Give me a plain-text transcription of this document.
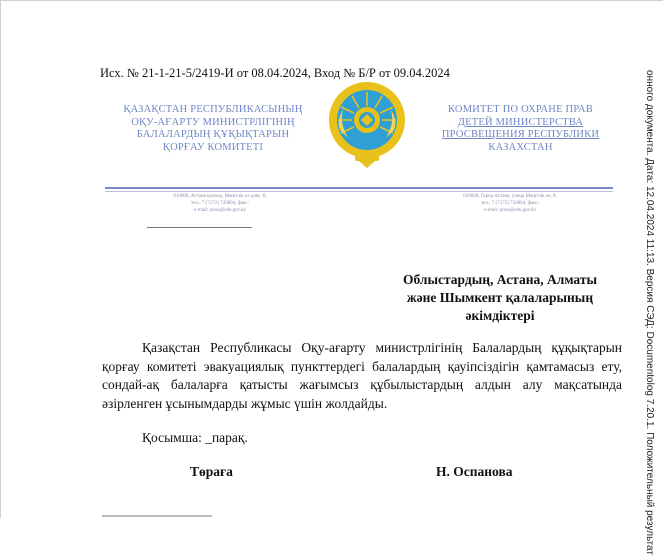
Исх. № 21-1-21-5/2419-И от 08.04.2024, Вход № Б/Р от 09.04.2024
ҚАЗАҚСТАН РЕСПУБЛИКАСЫНЫҢ
ОҚУ-АҒАРТУ МИНИСТРЛІГІНІҢ
БАЛАЛАРДЫҢ ҚҰҚЫҚТАРЫН
ҚОРҒАУ КОМИТЕТІ
КОМИТЕТ ПО ОХРАНЕ ПРАВ
ДЕТЕЙ МИНИСТЕРСТВА
ПРОСВЕЩЕНИЯ РЕСПУБЛИКИ
КАЗАХСТАН
010000, Астана қаласы, Мәңгілік ел даңғ. 8,
тел.: 7 (7172) 743894, факс:
e-mail: press@edu.gov.kz
010000, Город Астана, улица Мәңгілік ел, 8,
тел.: 7 (7172) 743894, факс:
e-mail: press@edu.gov.kz
Облыстардың, Астана, Алматы
және Шымкент қалаларының
әкімдіктері

Қазақстан Республикасы Оқу-ағарту министрлігінің Балалардың құқықтарын қорғау комитеті эвакуациялық пункттердегі балалардың қауіпсіздігін қамтамасыз ету, сондай-ақ балаларға қатысты жағымсыз құбылыстардың алдын алу мақсатында әзірленген ұсынымдарды жұмыс үшін жолдайды.

Қосымша: _парақ.
Төраға	Н. Оспанова	онного документа. Дата: 12.04.2024 11:13. Версия СЭД: Documentolog 7.20.1. Положительный результат
